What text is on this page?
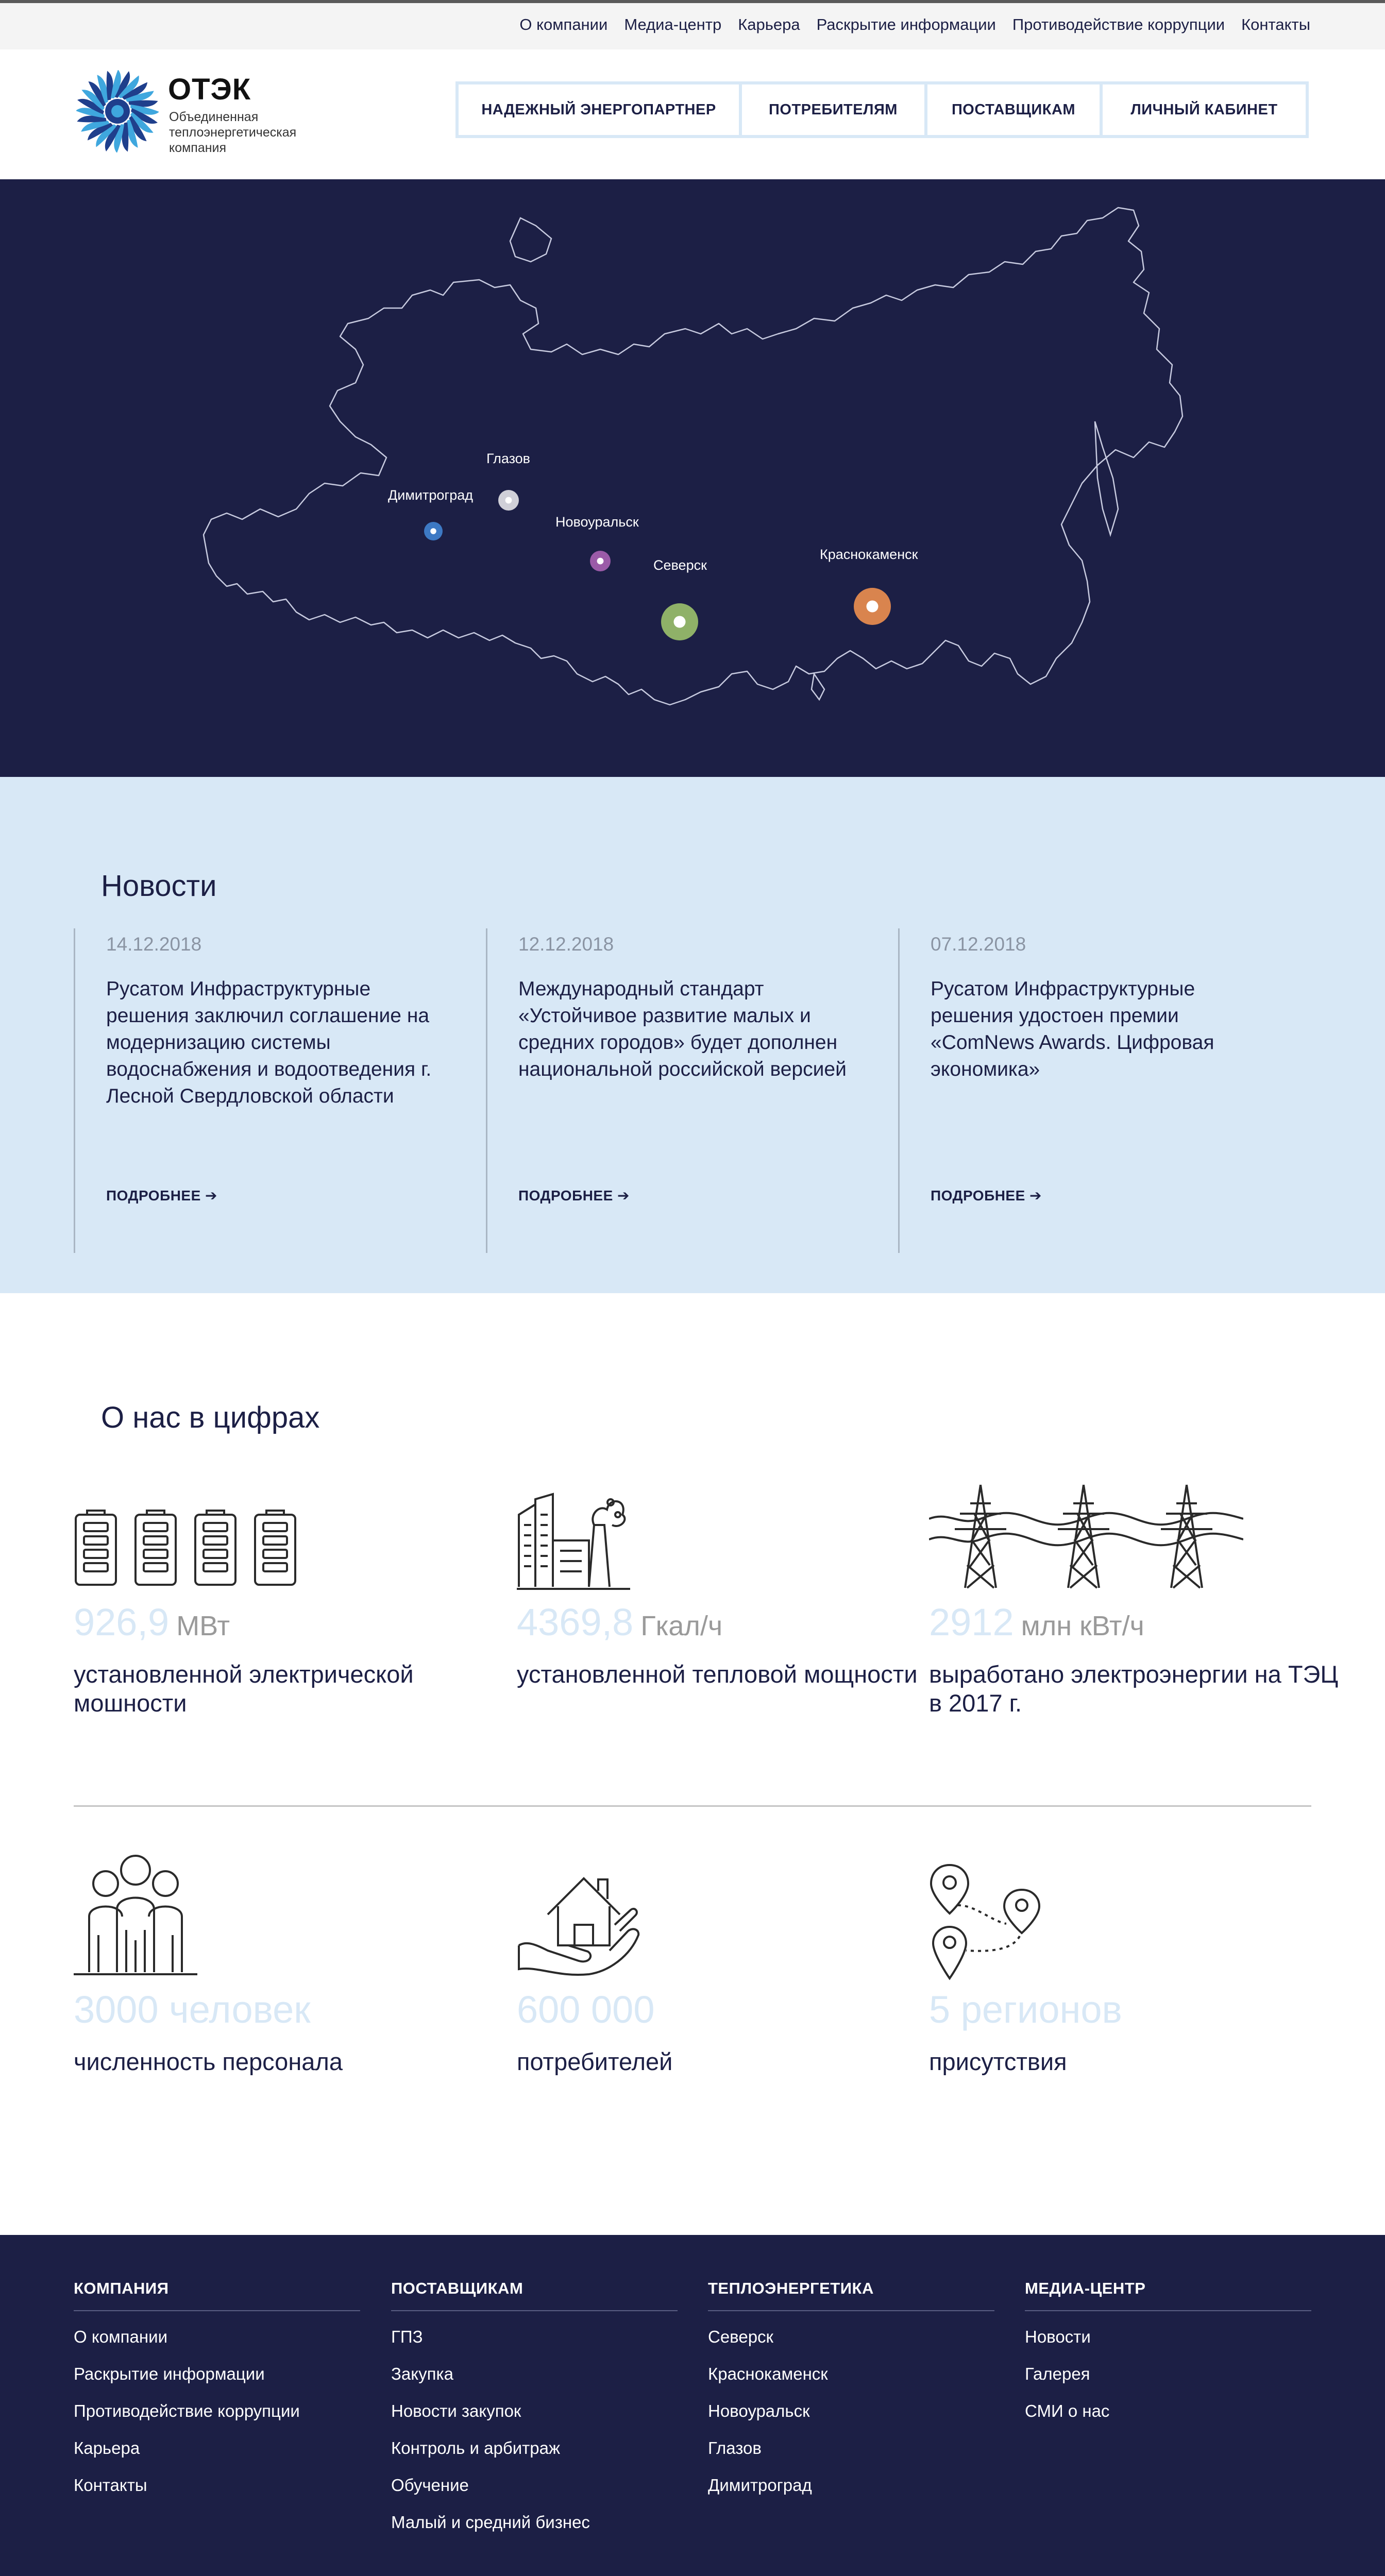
О компании Медиа-центр Карьера Раскрытие информации Противодействие коррупции Контакты
ОТЭК
Объединенная теплоэнергетическая компания
НАДЕЖНЫЙ ЭНЕРГОПАРТНЕР	ПОТРЕБИТЕЛЯМ	ПОСТАВЩИКАМ	ЛИЧНЫЙ КАБИНЕТ
Глазов
Димитроград
Новоуральск
Северск
Краснокаменск
Новости
14.12.2018
Русатом Инфраструктурные решения заключил соглашение на модернизацию системы водоснабжения и водоотведения г. Лесной Свердловской области
ПОДРОБНЕЕ ➔
12.12.2018
Международный стандарт «Устойчивое развитие малых и средних городов» будет дополнен национальной российской версией
ПОДРОБНЕЕ ➔
07.12.2018
Русатом Инфраструктурные решения удостоен премии «ComNews Awards. Цифровая экономика»
ПОДРОБНЕЕ ➔
О нас в цифрах
926,9 МВт
установленной электрической мошности
4369,8 Гкал/ч
установленной тепловой мощности
2912 млн кВт/ч
выработано электроэнергии на ТЭЦ в 2017 г.
3000 человек
численность персонала
600 000
потребителей
5 регионов
присутствия
КОМПАНИЯ
О компании
Раскрытие информации
Противодействие коррупции
Карьера
Контакты
ПОСТАВЩИКАМ
ГПЗ
Закупка
Новости закупок
Контроль и арбитраж
Обучение
Малый и средний бизнес
ТЕПЛОЭНЕРГЕТИКА
Северск
Краснокаменск
Новоуральск
Глазов
Димитроград
МЕДИА-ЦЕНТР
Новости
Галерея
СМИ о нас
